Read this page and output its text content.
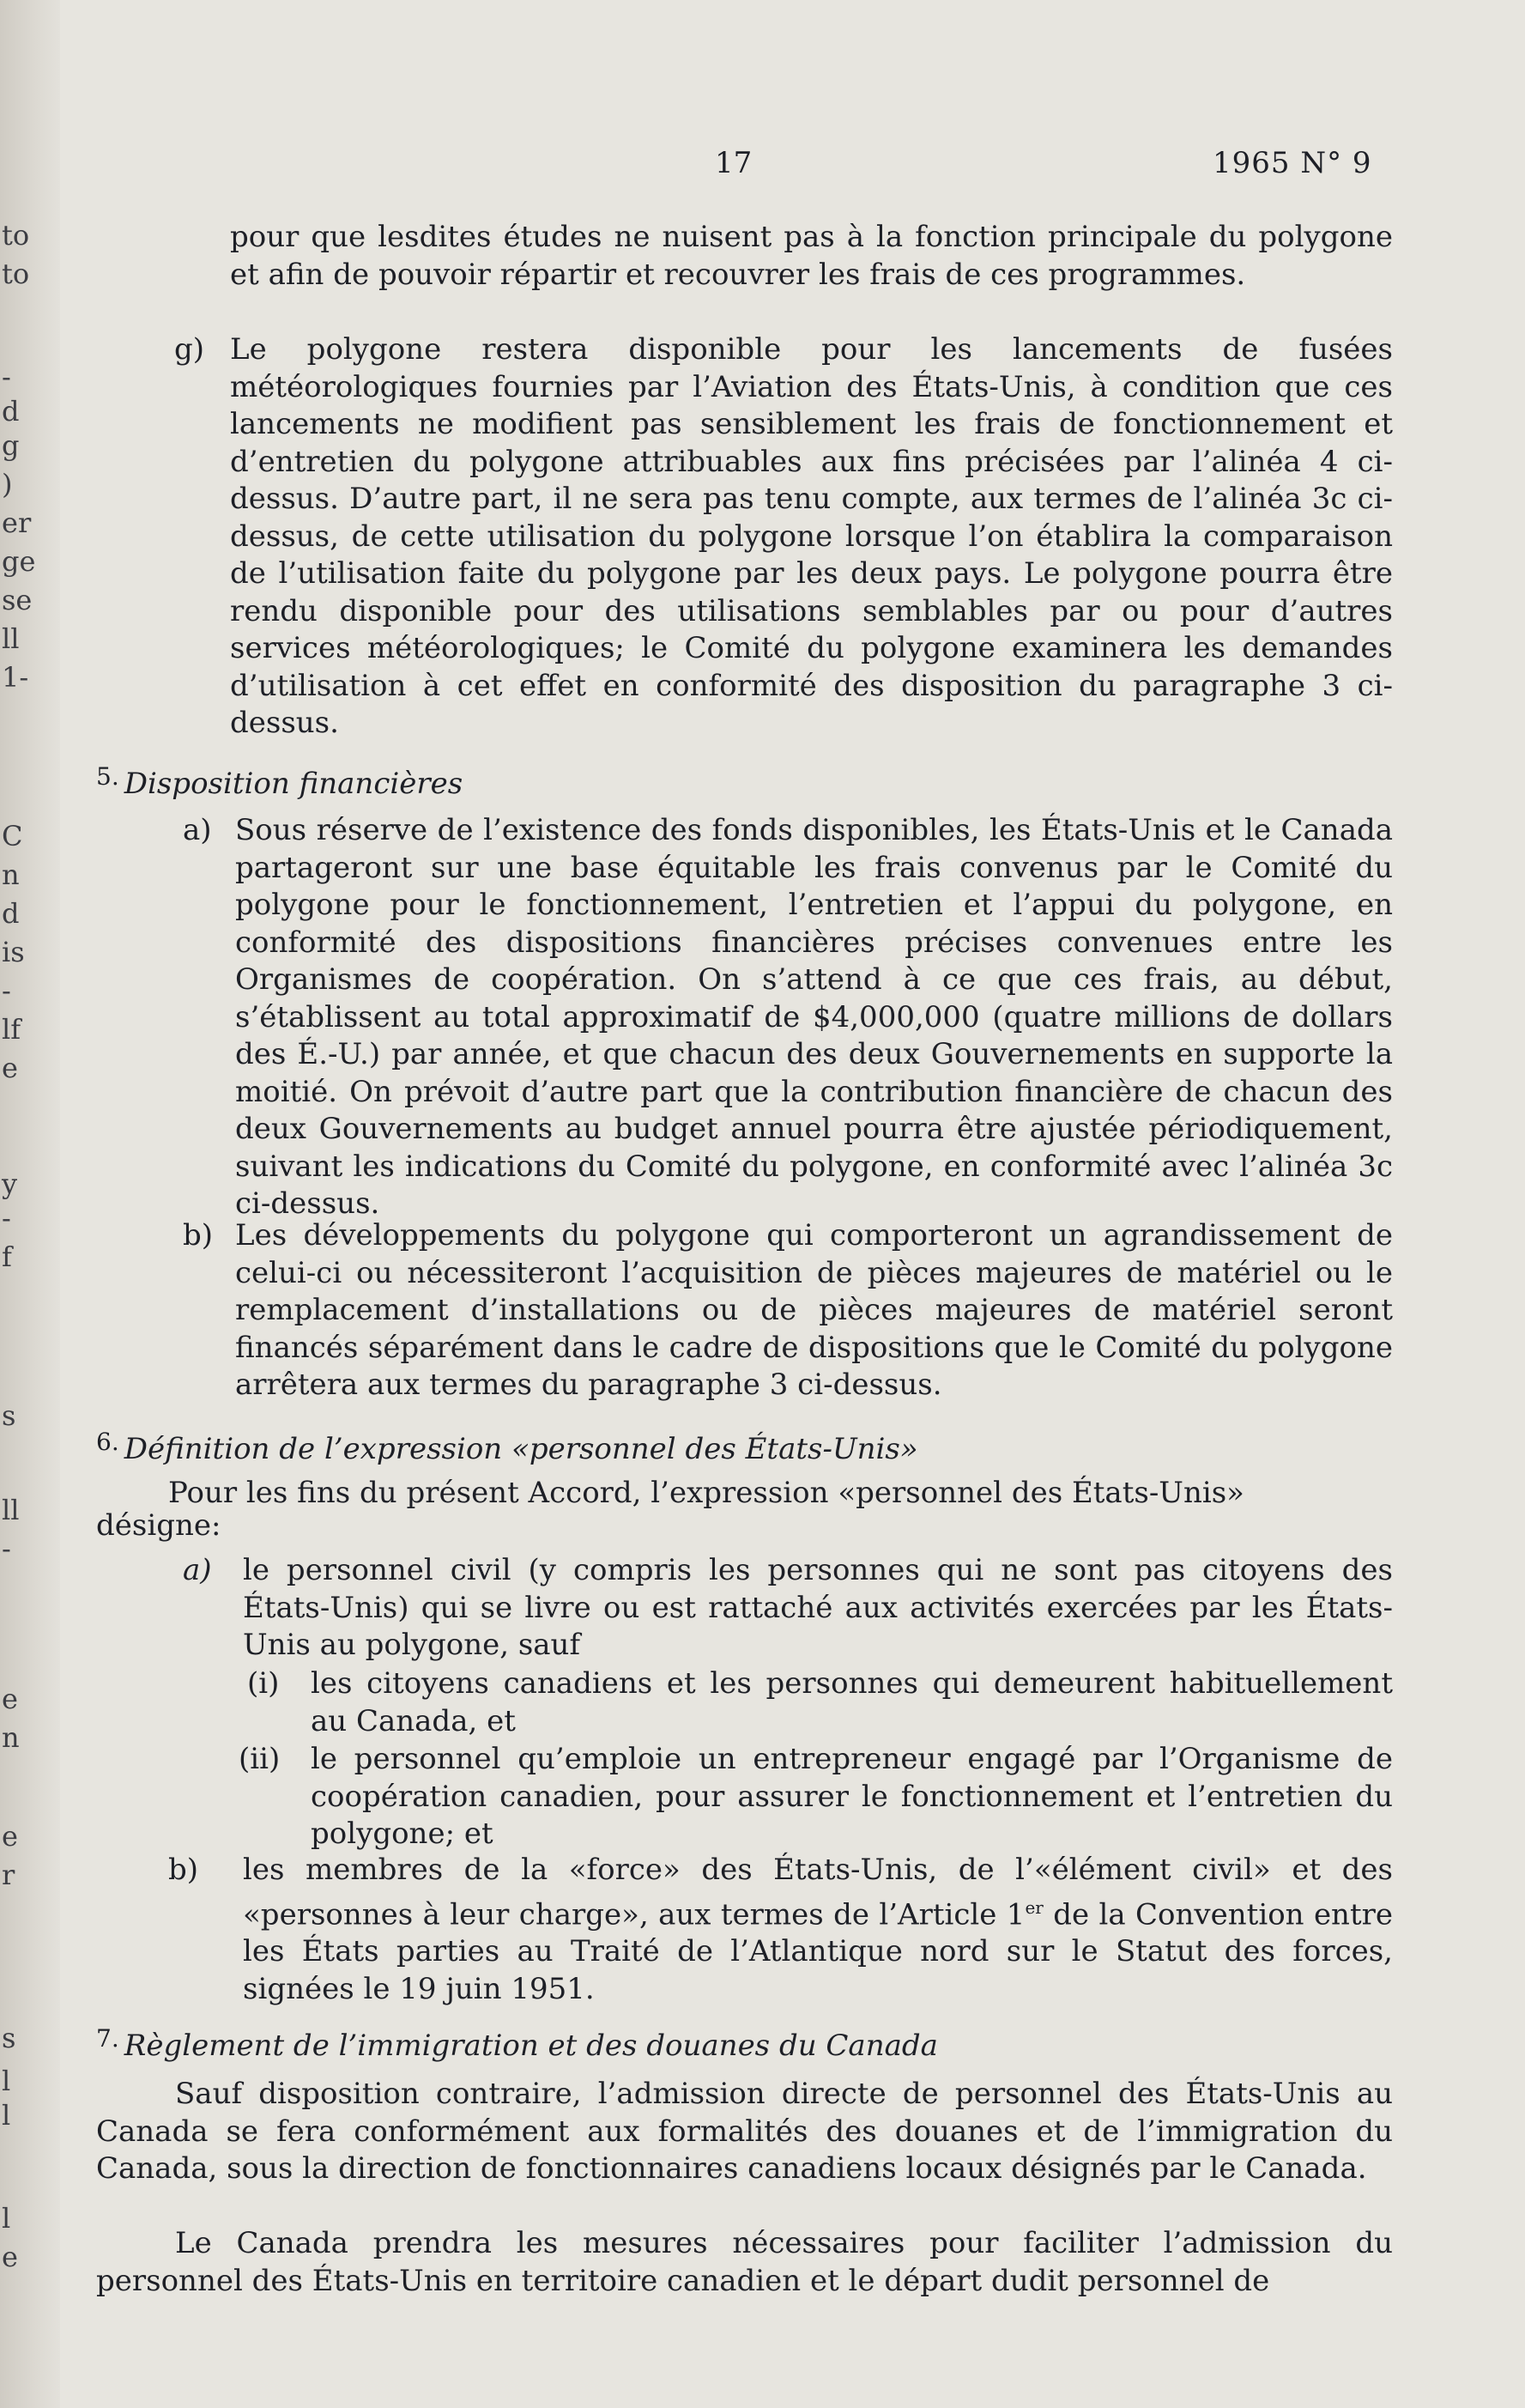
to
to
-
d
g
)
er
ge
se
ll
1-
C
n
d
is
-
lf
e
y
-
f
s
ll
-
e
n
e
r
s
l
l
l
e
17	1965 N° 9

pour que lesdites études ne nuisent pas à la fonction principale du polygone et afin de pouvoir répartir et recouvrer les frais de ces programmes.

g) Le polygone restera disponible pour les lancements de fusées météorologiques fournies par l’Aviation des États-Unis, à condition que ces lancements ne modifient pas sensiblement les frais de fonctionnement et d’entretien du polygone attribuables aux fins précisées par l’alinéa 4 ci-dessus. D’autre part, il ne sera pas tenu compte, aux termes de l’alinéa 3c ci-dessus, de cette utilisation du polygone lorsque l’on établira la comparaison de l’utilisation faite du polygone par les deux pays. Le polygone pourra être rendu disponible pour des utilisations semblables par ou pour d’autres services météorologiques; le Comité du polygone examinera les demandes d’utilisation à cet effet en conformité des disposition du paragraphe 3 ci-dessus.

$^{5.}$ Disposition financières
a) Sous réserve de l’existence des fonds disponibles, les États-Unis et le Canada partageront sur une base équitable les frais convenus par le Comité du polygone pour le fonctionnement, l’entretien et l’appui du polygone, en conformité des dispositions financières précises convenues entre les Organismes de coopération. On s’attend à ce que ces frais, au début, s’établissent au total approximatif de $4,000,000 (quatre millions de dollars des É.-U.) par année, et que chacun des deux Gouvernements en supporte la moitié. On prévoit d’autre part que la contribution financière de chacun des deux Gouvernements au budget annuel pourra être ajustée périodiquement, suivant les indications du Comité du polygone, en conformité avec l’alinéa 3c ci-dessus.

b) Les développements du polygone qui comporteront un agrandissement de celui-ci ou nécessiteront l’acquisition de pièces majeures de matériel ou le remplacement d’installations ou de pièces majeures de matériel seront financés séparément dans le cadre de dispositions que le Comité du polygone arrêtera aux termes du paragraphe 3 ci-dessus.

$^{6.}$ Définition de l’expression «personnel des États-Unis»
Pour les fins du présent Accord, l’expression «personnel des États-Unis»
désigne:
a) le personnel civil (y compris les personnes qui ne sont pas citoyens des États-Unis) qui se livre ou est rattaché aux activités exercées par les États-Unis au polygone, sauf

(i) les citoyens canadiens et les personnes qui demeurent habituellement au Canada, et

(ii) le personnel qu’emploie un entrepreneur engagé par l’Organisme de coopération canadien, pour assurer le fonctionnement et l’entretien du polygone; et

b) les membres de la «force» des États-Unis, de l’«élément civil» et des «personnes à leur charge», aux termes de l’Article 1er de la Convention entre les États parties au Traité de l’Atlantique nord sur le Statut des forces, signées le 19 juin 1951.

$^{7.}$ Règlement de l’immigration et des douanes du Canada

Sauf disposition contraire, l’admission directe de personnel des États-Unis au Canada se fera conformément aux formalités des douanes et de l’immigration du Canada, sous la direction de fonctionnaires canadiens locaux désignés par le Canada.

Le Canada prendra les mesures nécessaires pour faciliter l’admission du personnel des États-Unis en territoire canadien et le départ dudit personnel de
